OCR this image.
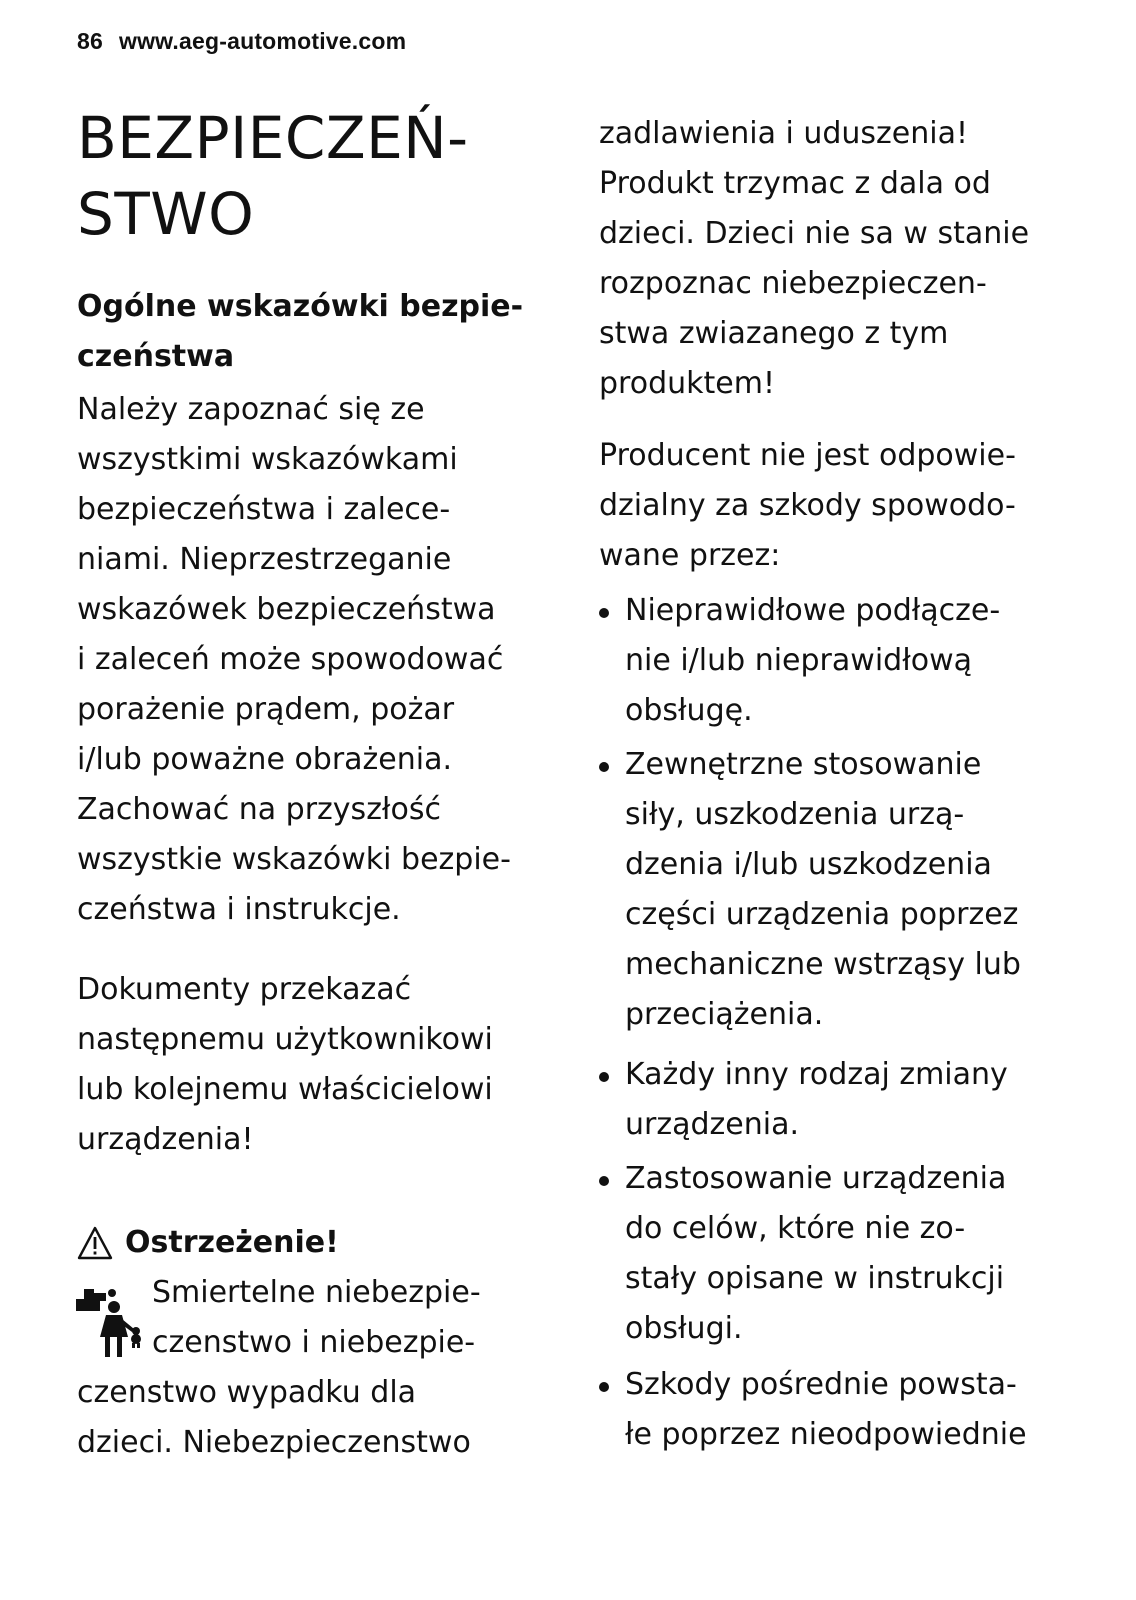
86 www.aeg-automotive.com
BEZPIECZEŃ-
STWO
Ogólne wskazówki bezpie-
czeństwa
Należy zapoznać się ze
wszystkimi wskazówkami
bezpieczeństwa i zalece-
niami. Nieprzestrzeganie
wskazówek bezpieczeństwa
i zaleceń może spowodować
porażenie prądem, pożar
i/lub poważne obrażenia.
Zachować na przyszłość
wszystkie wskazówki bezpie-
czeństwa i instrukcje.
Dokumenty przekazać
następnemu użytkownikowi
lub kolejnemu właścicielowi
urządzenia!
Ostrzeżenie!
Smiertelne niebezpie-
czenstwo i niebezpie-
czenstwo wypadku dla
dzieci. Niebezpieczenstwo
zadlawienia i uduszenia!
Produkt trzymac z dala od
dzieci. Dzieci nie sa w stanie
rozpoznac niebezpieczen-
stwa zwiazanego z tym
produktem!
Producent nie jest odpowie-
dzialny za szkody spowodo-
wane przez:
Nieprawidłowe podłącze-
nie i/lub nieprawidłową
obsługę.
Zewnętrzne stosowanie
siły, uszkodzenia urzą-
dzenia i/lub uszkodzenia
części urządzenia poprzez
mechaniczne wstrząsy lub
przeciążenia.
Każdy inny rodzaj zmiany
urządzenia.
Zastosowanie urządzenia
do celów, które nie zo-
stały opisane w instrukcji
obsługi.
Szkody pośrednie powsta-
łe poprzez nieodpowiednie
